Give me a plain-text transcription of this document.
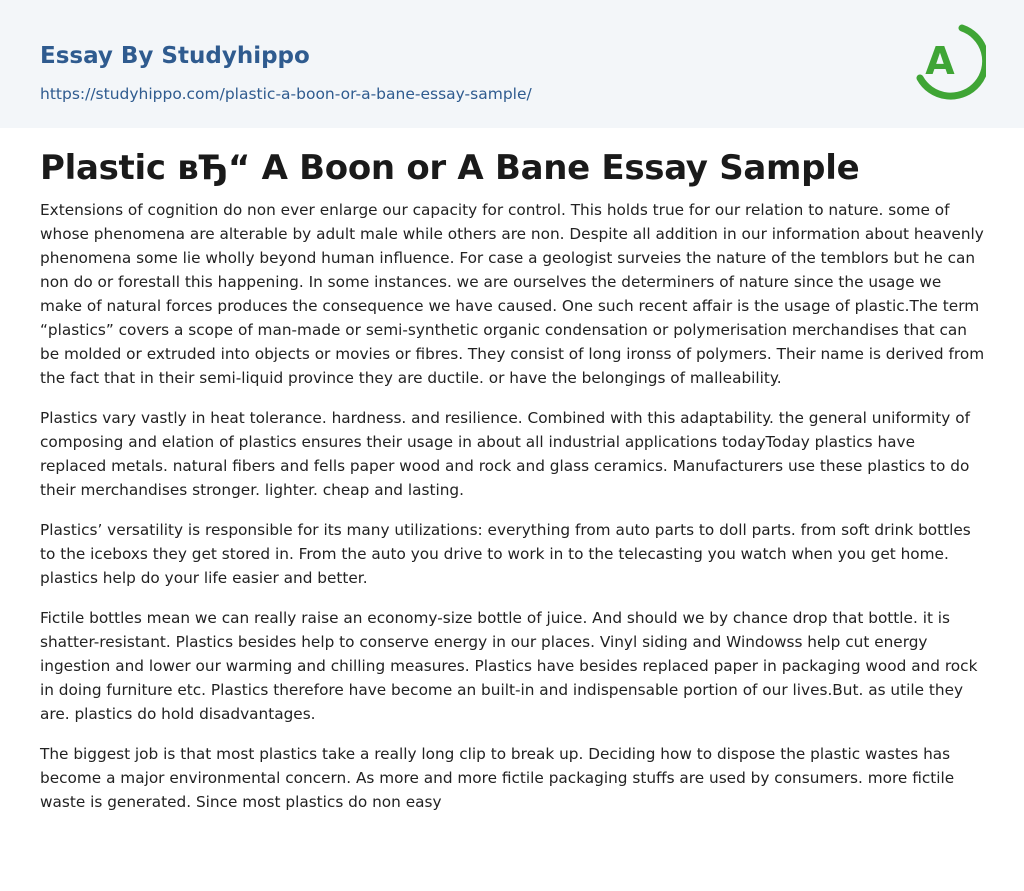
Essay By Studyhippo
https://studyhippo.com/plastic-a-boon-or-a-bane-essay-sample/
A
Plastic вЂ“ A Boon or A Bane Essay Sample

Extensions of cognition do non ever enlarge our capacity for control. This holds true for our relation to nature. some of whose phenomena are alterable by adult male while others are non. Despite all addition in our information about heavenly phenomena some lie wholly beyond human influence. For case a geologist surveies the nature of the temblors but he can non do or forestall this happening. In some instances. we are ourselves the determiners of nature since the usage we make of natural forces produces the consequence we have caused. One such recent affair is the usage of plastic.The term “plastics” covers a scope of man-made or semi-synthetic organic condensation or polymerisation merchandises that can be molded or extruded into objects or movies or fibres. They consist of long ironss of polymers. Their name is derived from the fact that in their semi-liquid province they are ductile. or have the belongings of malleability.

Plastics vary vastly in heat tolerance. hardness. and resilience. Combined with this adaptability. the general uniformity of composing and elation of plastics ensures their usage in about all industrial applications todayToday plastics have replaced metals. natural fibers and fells paper wood and rock and glass ceramics. Manufacturers use these plastics to do their merchandises stronger. lighter. cheap and lasting.

Plastics’ versatility is responsible for its many utilizations: everything from auto parts to doll parts. from soft drink bottles to the iceboxs they get stored in. From the auto you drive to work in to the telecasting you watch when you get home. plastics help do your life easier and better.

Fictile bottles mean we can really raise an economy-size bottle of juice. And should we by chance drop that bottle. it is shatter-resistant. Plastics besides help to conserve energy in our places. Vinyl siding and Windowss help cut energy ingestion and lower our warming and chilling measures. Plastics have besides replaced paper in packaging wood and rock in doing furniture etc. Plastics therefore have become an built-in and indispensable portion of our lives.But. as utile they are. plastics do hold disadvantages.

The biggest job is that most plastics take a really long clip to break up. Deciding how to dispose the plastic wastes has become a major environmental concern. As more and more fictile packaging stuffs are used by consumers. more fictile waste is generated. Since most plastics do non easy
